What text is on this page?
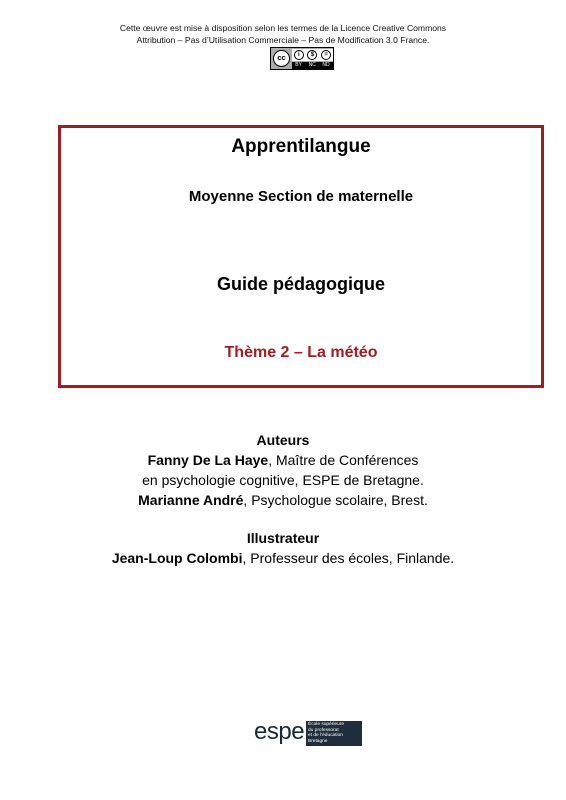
Cette œuvre est mise à disposition selon les termes de la Licence Creative Commons
Attribution – Pas d’Utilisation Commerciale – Pas de Modification 3.0 France.
cc	i	$	=
BY NC ND
Apprentilangue
Moyenne Section de maternelle
Guide pédagogique
Thème 2 – La météo
Auteurs
Fanny De La Haye, Maître de Conférences
en psychologie cognitive, ESPE de Bretagne.
Marianne André, Psychologue scolaire, Brest.
Illustrateur
Jean-Loup Colombi, Professeur des écoles, Finlande.
espe École supérieure
du professorat
et de l’éducation
Bretagne
